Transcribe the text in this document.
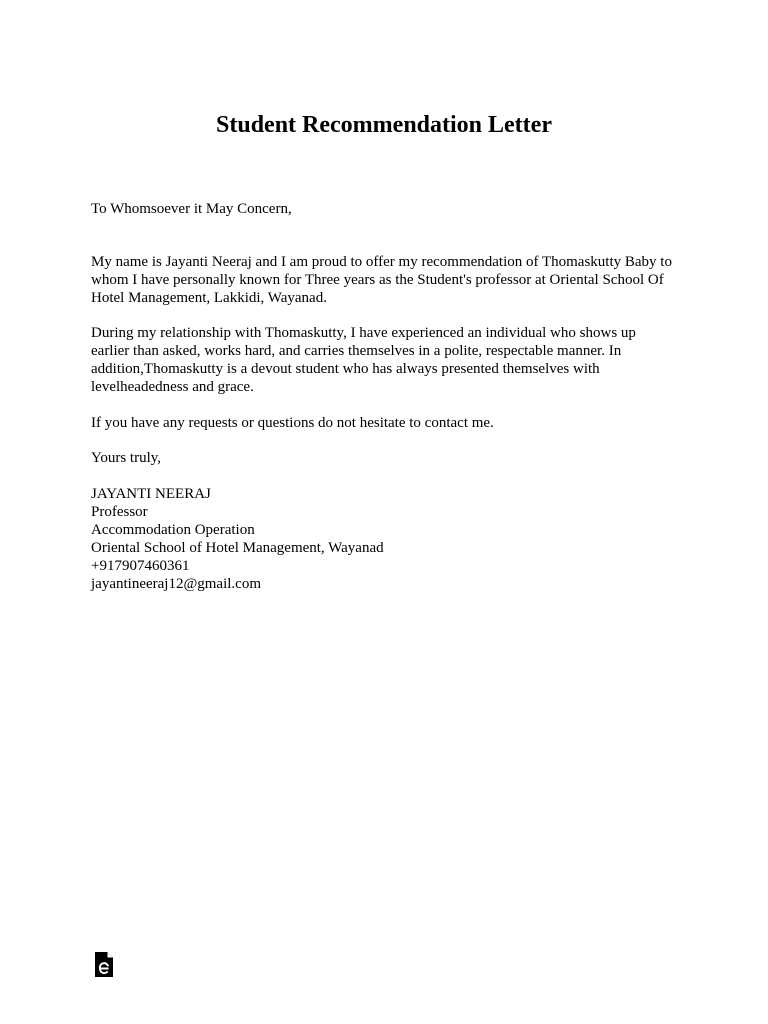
Student Recommendation Letter
To Whomsoever it May Concern,
My name is Jayanti Neeraj and I am proud to offer my recommendation of Thomaskutty Baby to whom I have personally known for Three years as the Student's professor at Oriental School Of Hotel Management, Lakkidi, Wayanad.
During my relationship with Thomaskutty, I have experienced an individual who shows up earlier than asked, works hard, and carries themselves in a polite, respectable manner. In addition,Thomaskutty is a devout student who has always presented themselves with levelheadedness and grace.
If you have any requests or questions do not hesitate to contact me.
Yours truly,
JAYANTI NEERAJ
Professor
Accommodation Operation
Oriental School of Hotel Management, Wayanad
+917907460361
jayantineeraj12@gmail.com
